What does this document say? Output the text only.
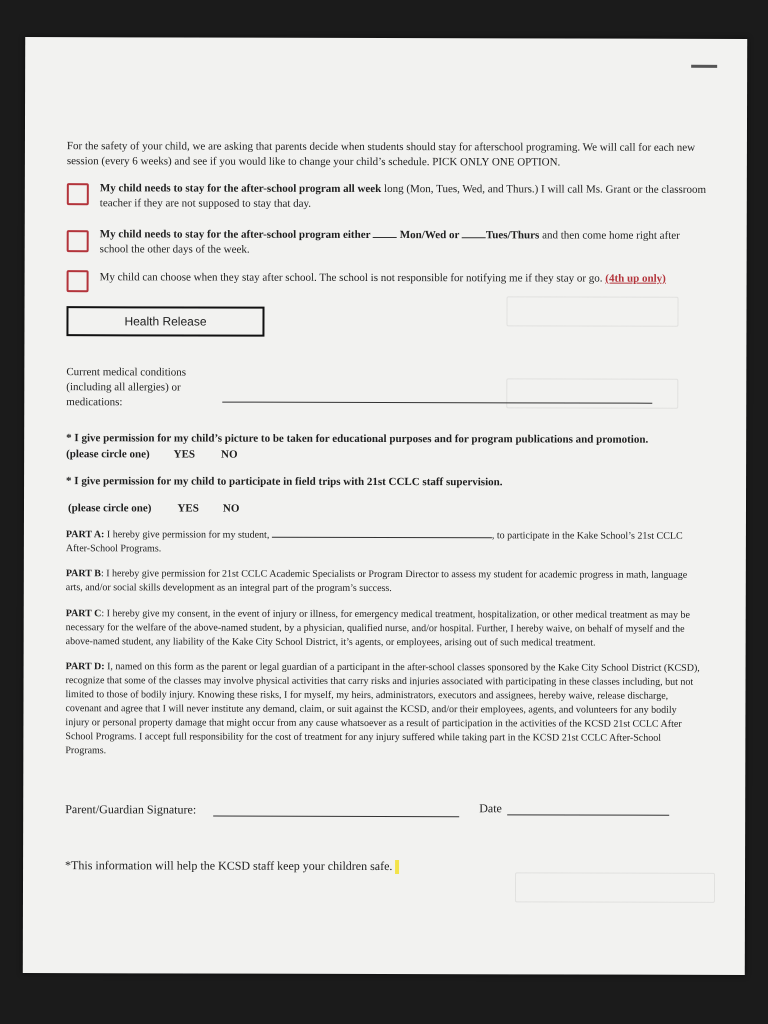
For the safety of your child, we are asking that parents decide when students should stay for afterschool programing. We will call for each new session (every 6 weeks) and see if you would like to change your child’s schedule. PICK ONLY ONE OPTION.
My child needs to stay for the after-school program all week long (Mon, Tues, Wed, and Thurs.) I will call Ms. Grant or the classroom teacher if they are not supposed to stay that day.
My child needs to stay for the after-school program either  Mon/Wed or Tues/Thurs and then come home right after school the other days of the week.
My child can choose when they stay after school. The school is not responsible for notifying me if they stay or go. (4th up only)
Health Release
Current medical conditions (including all allergies) or medications:
* I give permission for my child’s picture to be taken for educational purposes and for program publications and promotion.
(please circle one) YES NO
* I give permission for my child to participate in field trips with 21st CCLC staff supervision.
(please circle one) YES NO
PART A: I hereby give permission for my student,	, to participate in the Kake School’s 21st CCLC After-School Programs.
PART B: I hereby give permission for 21st CCLC Academic Specialists or Program Director to assess my student for academic progress in math, language arts, and/or social skills development as an integral part of the program’s success.
PART C: I hereby give my consent, in the event of injury or illness, for emergency medical treatment, hospitalization, or other medical treatment as may be necessary for the welfare of the above-named student, by a physician, qualified nurse, and/or hospital. Further, I hereby waive, on behalf of myself and the above-named student, any liability of the Kake City School District, it’s agents, or employees, arising out of such medical treatment.
PART D: I, named on this form as the parent or legal guardian of a participant in the after-school classes sponsored by the Kake City School District (KCSD), recognize that some of the classes may involve physical activities that carry risks and injuries associated with participating in these classes including, but not limited to those of bodily injury. Knowing these risks, I for myself, my heirs, administrators, executors and assignees, hereby waive, release discharge, covenant and agree that I will never institute any demand, claim, or suit against the KCSD, and/or their employees, agents, and volunteers for any bodily injury or personal property damage that might occur from any cause whatsoever as a result of participation in the activities of the KCSD 21st CCLC After School Programs. I accept full responsibility for the cost of treatment for any injury suffered while taking part in the KCSD 21st CCLC After-School Programs.
Parent/Guardian Signature:	Date
*This information will help the KCSD staff keep your children safe.
